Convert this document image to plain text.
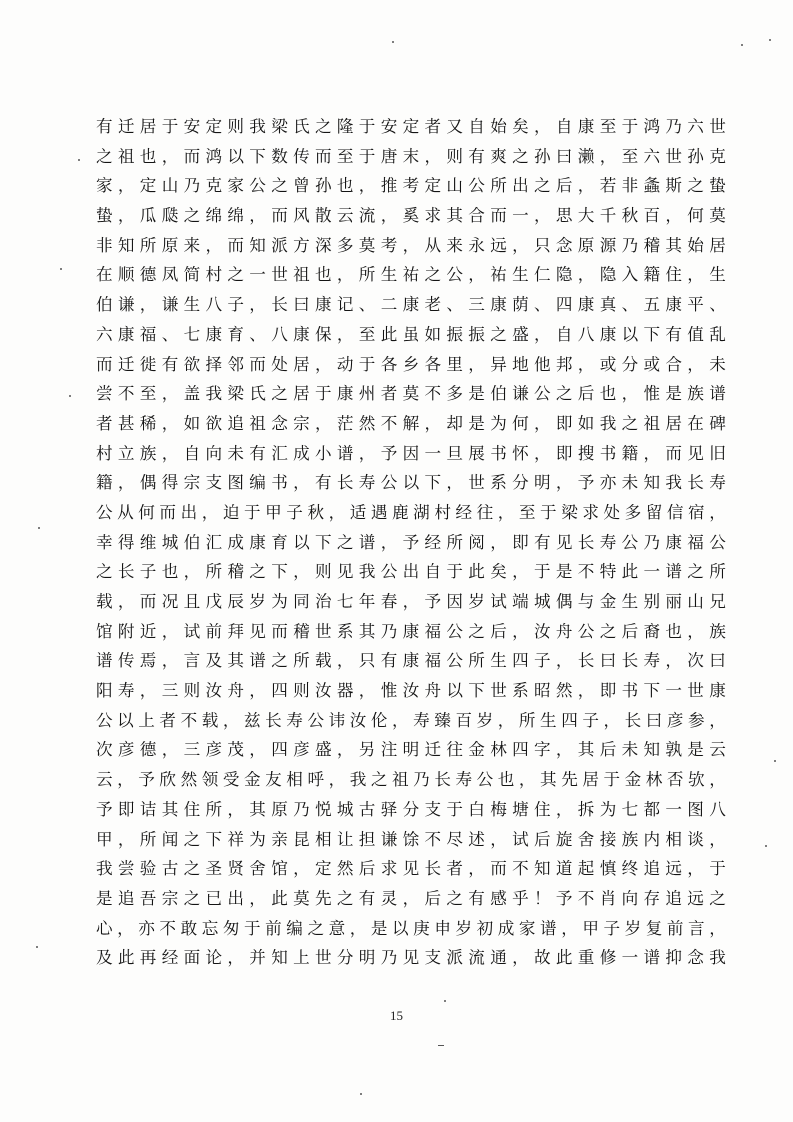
有迁居于安定则我梁氏之隆于安定者又自始矣，自康至于鸿乃六世
之祖也，而鸿以下数传而至于唐末，则有爽之孙曰濑，至六世孙克
家，定山乃克家公之曾孙也，推考定山公所出之后，若非螽斯之蛰
蛰，瓜瓞之绵绵，而风散云流，奚求其合而一，思大千秋百，何莫
非知所原来，而知派方深多莫考，从来永远，只念原源乃稽其始居
在顺德凤简村之一世祖也，所生祐之公，祐生仁隐，隐入籍住，生
伯谦，谦生八子，长曰康记、二康老、三康荫、四康真、五康平、
六康福、七康育、八康保，至此虽如振振之盛，自八康以下有值乱
而迁徙有欲择邻而处居，动于各乡各里，异地他邦，或分或合，未
尝不至，盖我梁氏之居于康州者莫不多是伯谦公之后也，惟是族谱
者甚稀，如欲追祖念宗，茫然不解，却是为何，即如我之祖居在碑
村立族，自向未有汇成小谱，予因一旦展书怀，即搜书籍，而见旧
籍，偶得宗支图编书，有长寿公以下，世系分明，予亦未知我长寿
公从何而出，迫于甲子秋，适遇鹿湖村经往，至于梁求处多留信宿，
幸得维城伯汇成康育以下之谱，予经所阅，即有见长寿公乃康福公
之长子也，所稽之下，则见我公出自于此矣，于是不特此一谱之所
载，而况且戊辰岁为同治七年春，予因岁试端城偶与金生别丽山兄
馆附近，试前拜见而稽世系其乃康福公之后，汝舟公之后裔也，族
谱传焉，言及其谱之所载，只有康福公所生四子，长曰长寿，次曰
阳寿，三则汝舟，四则汝器，惟汝舟以下世系昭然，即书下一世康
公以上者不载，兹长寿公讳汝伦，寿臻百岁，所生四子，长曰彦参，
次彦德，三彦茂，四彦盛，另注明迁往金林四字，其后未知孰是云
云，予欣然领受金友相呼，我之祖乃长寿公也，其先居于金林否欤，
予即诘其住所，其原乃悦城古驿分支于白梅塘住，拆为七都一图八
甲，所闻之下祥为亲昆相让担谦馀不尽述，试后旋舍接族内相谈，
我尝验古之圣贤舍馆，定然后求见长者，而不知道起慎终追远，于
是追吾宗之已出，此莫先之有灵，后之有感乎！予不肖向存追远之
心，亦不敢忘匆于前编之意，是以庚申岁初成家谱，甲子岁复前言，
及此再经面论，并知上世分明乃见支派流通，故此重修一谱抑念我
15
